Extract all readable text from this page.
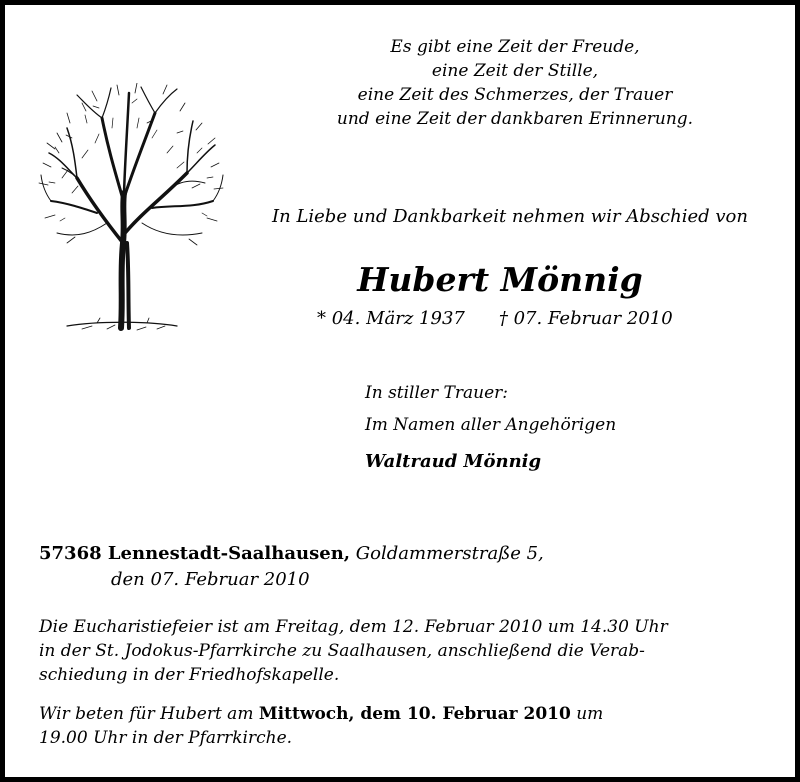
Es gibt eine Zeit der Freude,
eine Zeit der Stille,
eine Zeit des Schmerzes, der Trauer
und eine Zeit der dankbaren Erinnerung.
In Liebe und Dankbarkeit nehmen wir Abschied von
Hubert Mönnig
* 04. März 1937 † 07. Februar 2010
In stiller Trauer:
Im Namen aller Angehörigen
Waltraud Mönnig
57368 Lennestadt-Saalhausen, Goldammerstraße 5,
den 07. Februar 2010
Die Eucharistiefeier ist am Freitag, dem 12. Februar 2010 um 14.30 Uhr
in der St. Jodokus-Pfarrkirche zu Saalhausen, anschließend die Verab-
schiedung in der Friedhofskapelle.
Wir beten für Hubert am Mittwoch, dem 10. Februar 2010 um
19.00 Uhr in der Pfarrkirche.
